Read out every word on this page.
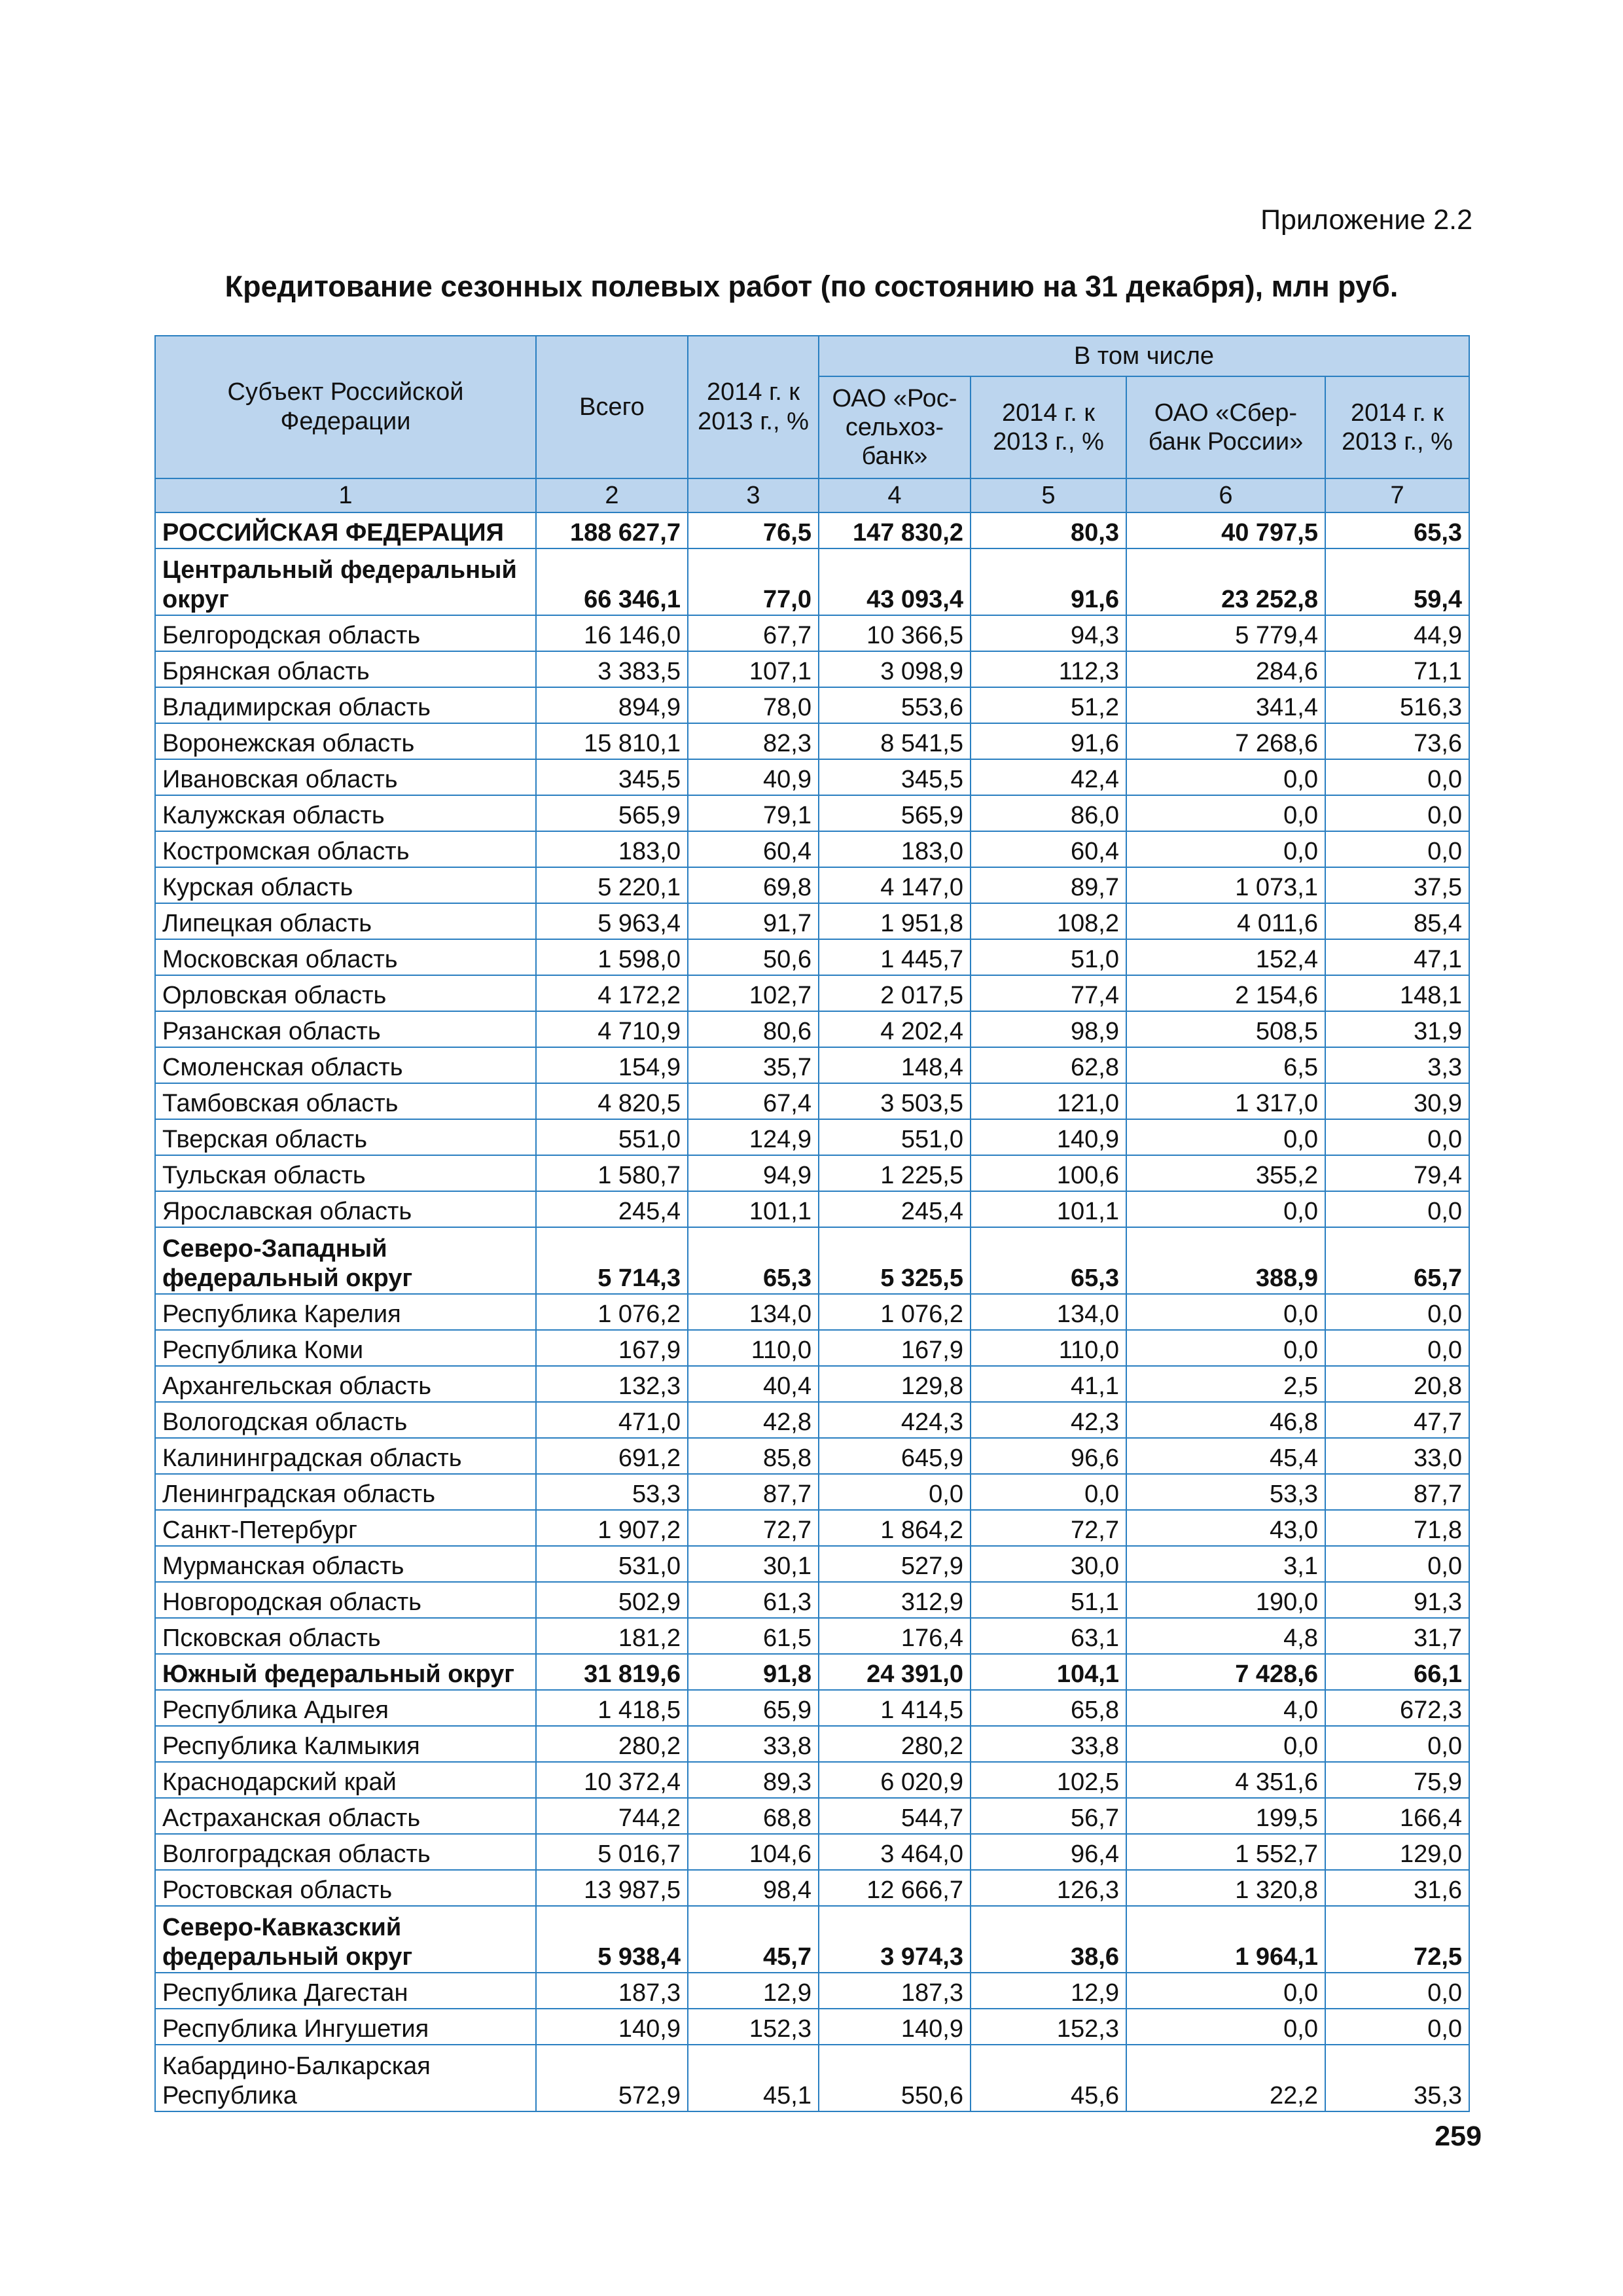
Приложение 2.2
Кредитование сезонных полевых работ (по состоянию на 31 декабря), млн руб.
Субъект Российской Федерации	Всего	2014 г. к 2013 г., %	В том числе			
			ОАО «Рос-сельхоз-банк»	2014 г. к 2013 г., %	ОАО «Сбер-банк России»	2014 г. к 2013 г., %
1	2	3	4	5	6	7
РОССИЙСКАЯ ФЕДЕРАЦИЯ	188 627,7	76,5	147 830,2	80,3	40 797,5	65,3
Центральный федеральный округ	66 346,1	77,0	43 093,4	91,6	23 252,8	59,4
Белгородская область	16 146,0	67,7	10 366,5	94,3	5 779,4	44,9
Брянская область	3 383,5	107,1	3 098,9	112,3	284,6	71,1
Владимирская область	894,9	78,0	553,6	51,2	341,4	516,3
Воронежская область	15 810,1	82,3	8 541,5	91,6	7 268,6	73,6
Ивановская область	345,5	40,9	345,5	42,4	0,0	0,0
Калужская область	565,9	79,1	565,9	86,0	0,0	0,0
Костромская область	183,0	60,4	183,0	60,4	0,0	0,0
Курская область	5 220,1	69,8	4 147,0	89,7	1 073,1	37,5
Липецкая область	5 963,4	91,7	1 951,8	108,2	4 011,6	85,4
Московская область	1 598,0	50,6	1 445,7	51,0	152,4	47,1
Орловская область	4 172,2	102,7	2 017,5	77,4	2 154,6	148,1
Рязанская область	4 710,9	80,6	4 202,4	98,9	508,5	31,9
Смоленская область	154,9	35,7	148,4	62,8	6,5	3,3
Тамбовская область	4 820,5	67,4	3 503,5	121,0	1 317,0	30,9
Тверская область	551,0	124,9	551,0	140,9	0,0	0,0
Тульская область	1 580,7	94,9	1 225,5	100,6	355,2	79,4
Ярославская область	245,4	101,1	245,4	101,1	0,0	0,0
Северо-Западный федеральный округ	5 714,3	65,3	5 325,5	65,3	388,9	65,7
Республика Карелия	1 076,2	134,0	1 076,2	134,0	0,0	0,0
Республика Коми	167,9	110,0	167,9	110,0	0,0	0,0
Архангельская область	132,3	40,4	129,8	41,1	2,5	20,8
Вологодская область	471,0	42,8	424,3	42,3	46,8	47,7
Калининградская область	691,2	85,8	645,9	96,6	45,4	33,0
Ленинградская область	53,3	87,7	0,0	0,0	53,3	87,7
Санкт-Петербург	1 907,2	72,7	1 864,2	72,7	43,0	71,8
Мурманская область	531,0	30,1	527,9	30,0	3,1	0,0
Новгородская область	502,9	61,3	312,9	51,1	190,0	91,3
Псковская область	181,2	61,5	176,4	63,1	4,8	31,7
Южный федеральный округ	31 819,6	91,8	24 391,0	104,1	7 428,6	66,1
Республика Адыгея	1 418,5	65,9	1 414,5	65,8	4,0	672,3
Республика Калмыкия	280,2	33,8	280,2	33,8	0,0	0,0
Краснодарский край	10 372,4	89,3	6 020,9	102,5	4 351,6	75,9
Астраханская область	744,2	68,8	544,7	56,7	199,5	166,4
Волгоградская область	5 016,7	104,6	3 464,0	96,4	1 552,7	129,0
Ростовская область	13 987,5	98,4	12 666,7	126,3	1 320,8	31,6
Северо-Кавказский федеральный округ	5 938,4	45,7	3 974,3	38,6	1 964,1	72,5
Республика Дагестан	187,3	12,9	187,3	12,9	0,0	0,0
Республика Ингушетия	140,9	152,3	140,9	152,3	0,0	0,0
Кабардино-Балкарская Республика	572,9	45,1	550,6	45,6	22,2	35,3
259
